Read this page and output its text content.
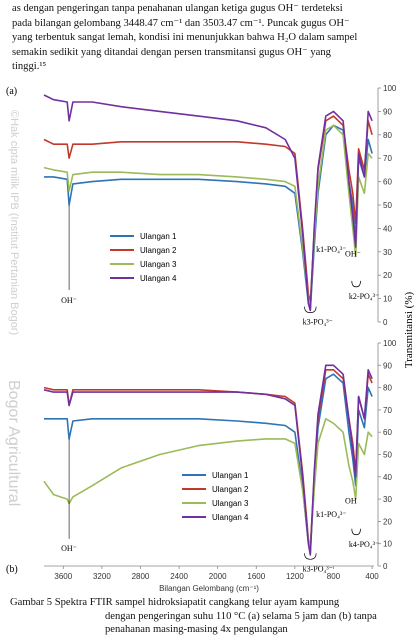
as dengan pengeringan tanpa penahanan ulangan ketiga gugus OH⁻ terdeteksi

pada bilangan gelombang 3448.47 cm⁻¹ dan 3503.47 cm⁻¹. Puncak gugus OH⁻

yang terbentuk sangat lemah, kondisi ini menunjukkan bahwa H₂O dalam sampel

semakin sedikit yang ditandai dengan persen transmitansi gugus OH⁻ yang

tinggi.¹⁵

©Hak cipta milik IPB (Institut Pertanian Bogor)
Bogor Agricultural
0
10
20
30
40
50
60
70
80
90
100
Ulangan 1
Ulangan 2
Ulangan 3
Ulangan 4
OH⁻
k1-PO₄³⁻
OH⁻
k3-PO₄³⁻
k2-PO₄³⁻
0
10
20
30
40
50
60
70
80
90
100
Ulangan 1
Ulangan 2
Ulangan 3
Ulangan 4
OH⁻
k1-PO₄³⁻
OH
k3-PO₄³⁻
k4-PO₄³⁻
3600	3200	2800	2400	2000	1600	1200	800	400
Bilangan Gelombang (cm⁻¹)
(a)
(b)
Transmitansi (%)
Gambar 5 Spektra FTIR sampel hidroksiapatit cangkang telur ayam kampung
dengan pengeringan suhu 110 °C (a) selama 5 jam dan (b) tanpa
penahanan masing-masing 4x pengulangan
